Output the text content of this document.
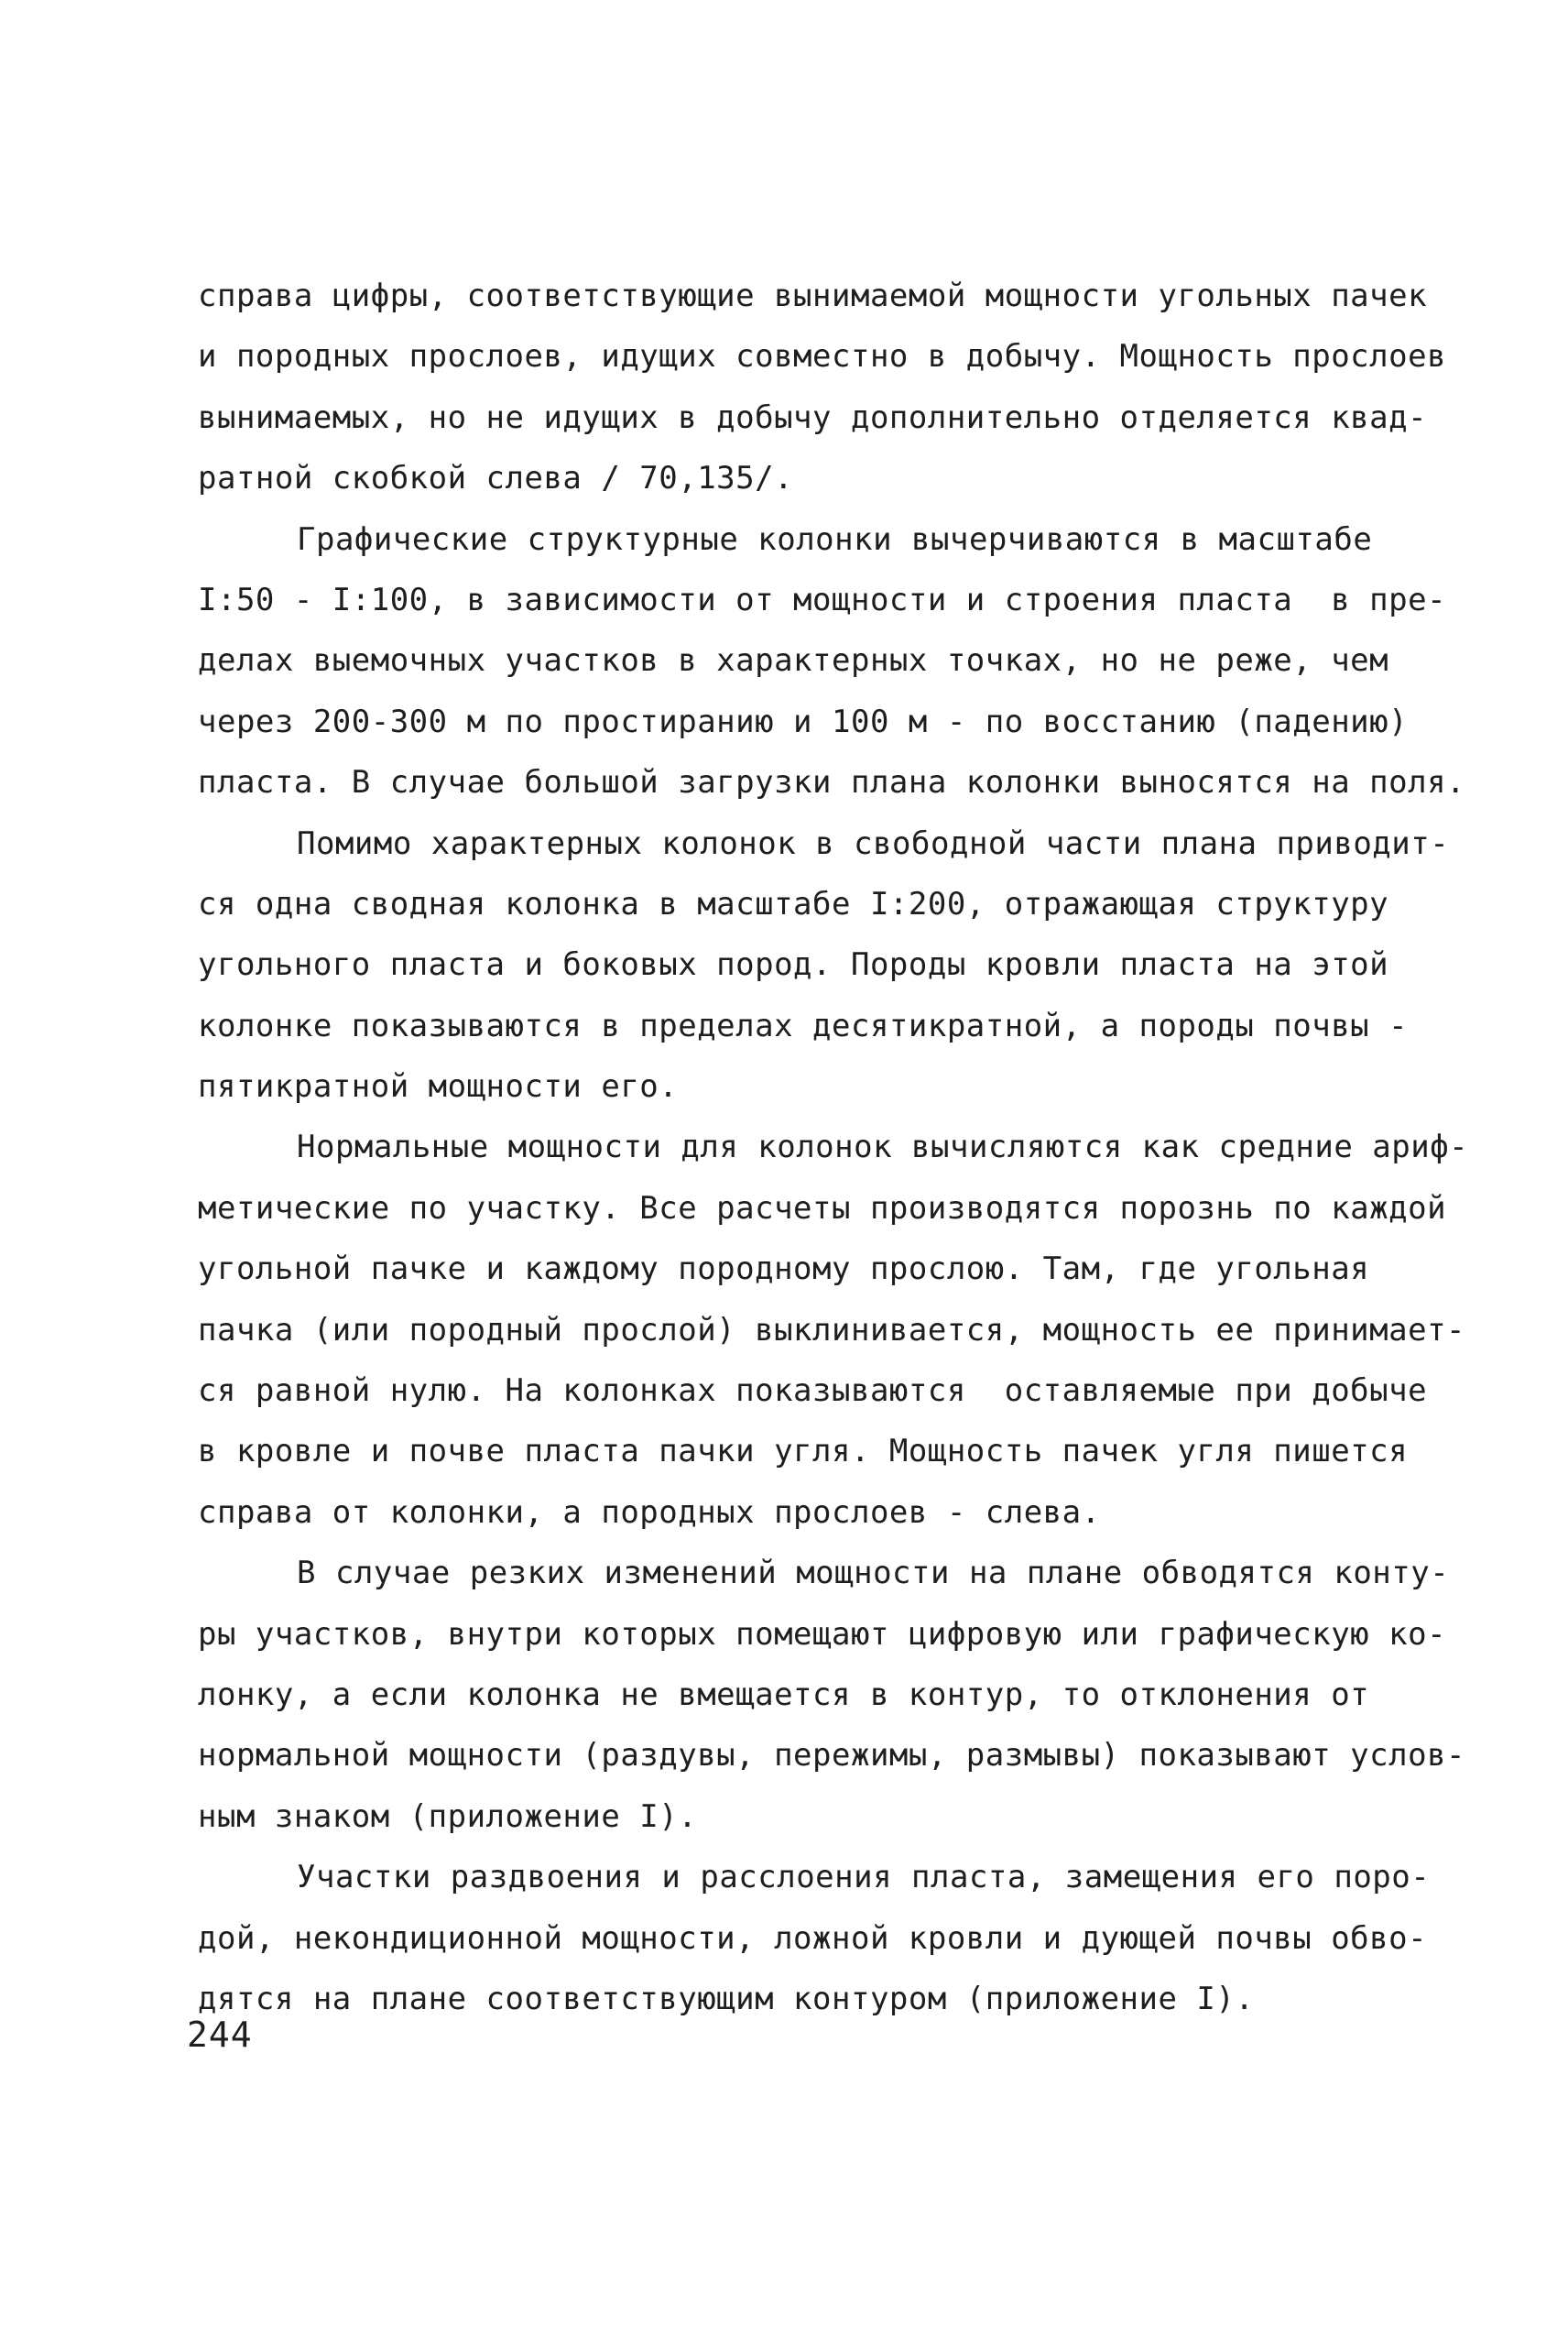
справа цифры, соответствующие вынимаемой мощности угольных пачек
и породных прослоев, идущих совместно в добычу. Мощность прослоев
вынимаемых, но не идущих в добычу дополнительно отделяется квад-
ратной скобкой слева / 70,135/.
Графические структурные колонки вычерчиваются в масштабе
I:50 - I:100, в зависимости от мощности и строения пласта  в пре-
делах выемочных участков в характерных точках, но не реже, чем
через 200-300 м по простиранию и 100 м - по восстанию (падению)
пласта. В случае большой загрузки плана колонки выносятся на поля.
Помимо характерных колонок в свободной части плана приводит-
ся одна сводная колонка в масштабе I:200, отражающая структуру
угольного пласта и боковых пород. Породы кровли пласта на этой
колонке показываются в пределах десятикратной, а породы почвы -
пятикратной мощности его.
Нормальные мощности для колонок вычисляются как средние ариф-
метические по участку. Все расчеты производятся порознь по каждой
угольной пачке и каждому породному прослою. Там, где угольная
пачка (или породный прослой) выклинивается, мощность ее принимает-
ся равной нулю. На колонках показываются  оставляемые при добыче
в кровле и почве пласта пачки угля. Мощность пачек угля пишется
справа от колонки, а породных прослоев - слева.
В случае резких изменений мощности на плане обводятся конту-
ры участков, внутри которых помещают цифровую или графическую ко-
лонку, а если колонка не вмещается в контур, то отклонения от
нормальной мощности (раздувы, пережимы, размывы) показывают услов-
ным знаком (приложение I).
Участки раздвоения и расслоения пласта, замещения его поро-
дой, некондиционной мощности, ложной кровли и дующей почвы обво-
дятся на плане соответствующим контуром (приложение I).
244
